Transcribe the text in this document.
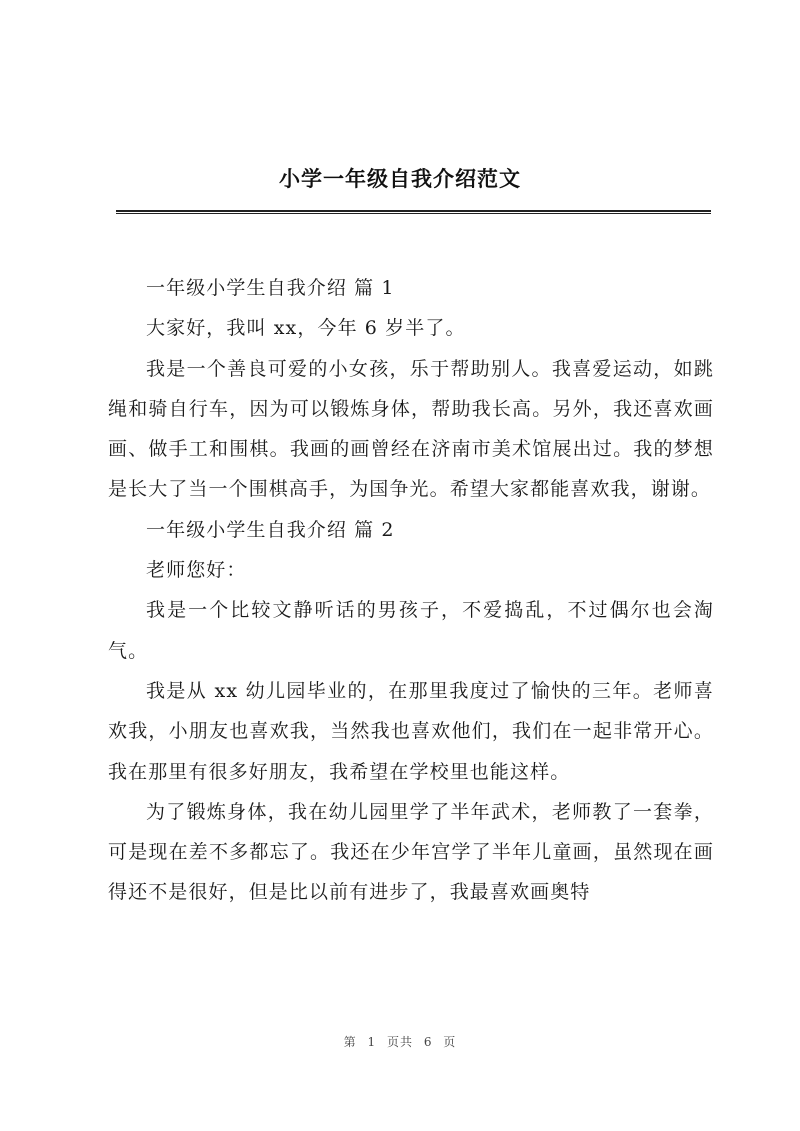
小学一年级自我介绍范文

一年级小学生自我介绍 篇 1

大家好，我叫 xx，今年 6 岁半了。

我是一个善良可爱的小女孩，乐于帮助别人。我喜爱运动，如跳绳和骑自行车，因为可以锻炼身体，帮助我长高。另外，我还喜欢画画、做手工和围棋。我画的画曾经在济南市美术馆展出过。我的梦想是长大了当一个围棋高手，为国争光。希望大家都能喜欢我，谢谢。

一年级小学生自我介绍 篇 2

老师您好：

我是一个比较文静听话的男孩子，不爱捣乱，不过偶尔也会淘气。

我是从 xx 幼儿园毕业的，在那里我度过了愉快的三年。老师喜欢我，小朋友也喜欢我，当然我也喜欢他们，我们在一起非常开心。我在那里有很多好朋友，我希望在学校里也能这样。

为了锻炼身体，我在幼儿园里学了半年武术，老师教了一套拳，可是现在差不多都忘了。我还在少年宫学了半年儿童画，虽然现在画得还不是很好，但是比以前有进步了，我最喜欢画奥特

第 1 页共 6 页
